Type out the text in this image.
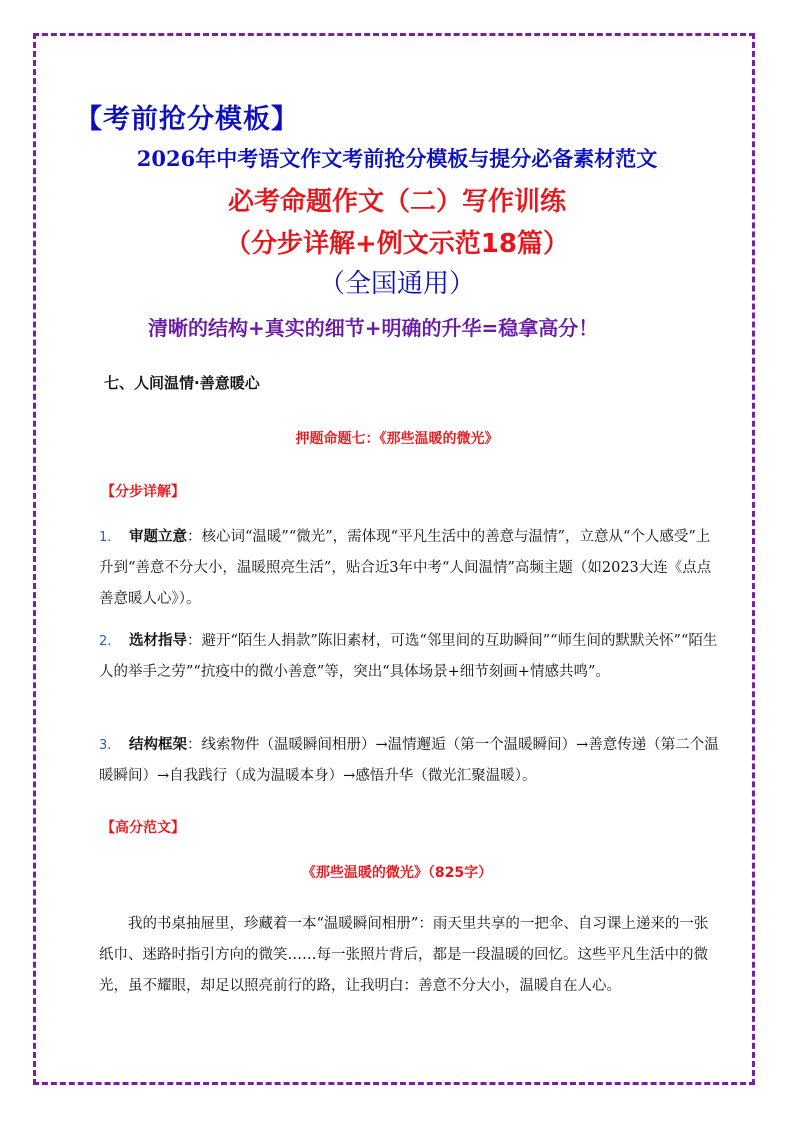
【考前抢分模板】
2026年中考语文作文考前抢分模板与提分必备素材范文
必考命题作文（二）写作训练
（分步详解+例文示范18篇）
（全国通用）
清晰的结构+真实的细节+明确的升华=稳拿高分！
七、人间温情·善意暖心
押题命题七：《那些温暖的微光》
【分步详解】
1. 审题立意：核心词“温暖”“微光”，需体现“平凡生活中的善意与温情”，立意从“个人感受”上升到“善意不分大小，温暖照亮生活”，贴合近3年中考“人间温情”高频主题（如2023大连《点点善意暖人心》）。
2. 选材指导：避开“陌生人捐款”陈旧素材，可选“邻里间的互助瞬间”“师生间的默默关怀”“陌生人的举手之劳”“抗疫中的微小善意”等，突出“具体场景+细节刻画+情感共鸣”。
3. 结构框架：线索物件（温暖瞬间相册）→温情邂逅（第一个温暖瞬间）→善意传递（第二个温暖瞬间）→自我践行（成为温暖本身）→感悟升华（微光汇聚温暖）。
【高分范文】
《那些温暖的微光》（825字）
我的书桌抽屉里，珍藏着一本“温暖瞬间相册”：雨天里共享的一把伞、自习课上递来的一张纸巾、迷路时指引方向的微笑……每一张照片背后，都是一段温暖的回忆。这些平凡生活中的微光，虽不耀眼，却足以照亮前行的路，让我明白：善意不分大小，温暖自在人心。
